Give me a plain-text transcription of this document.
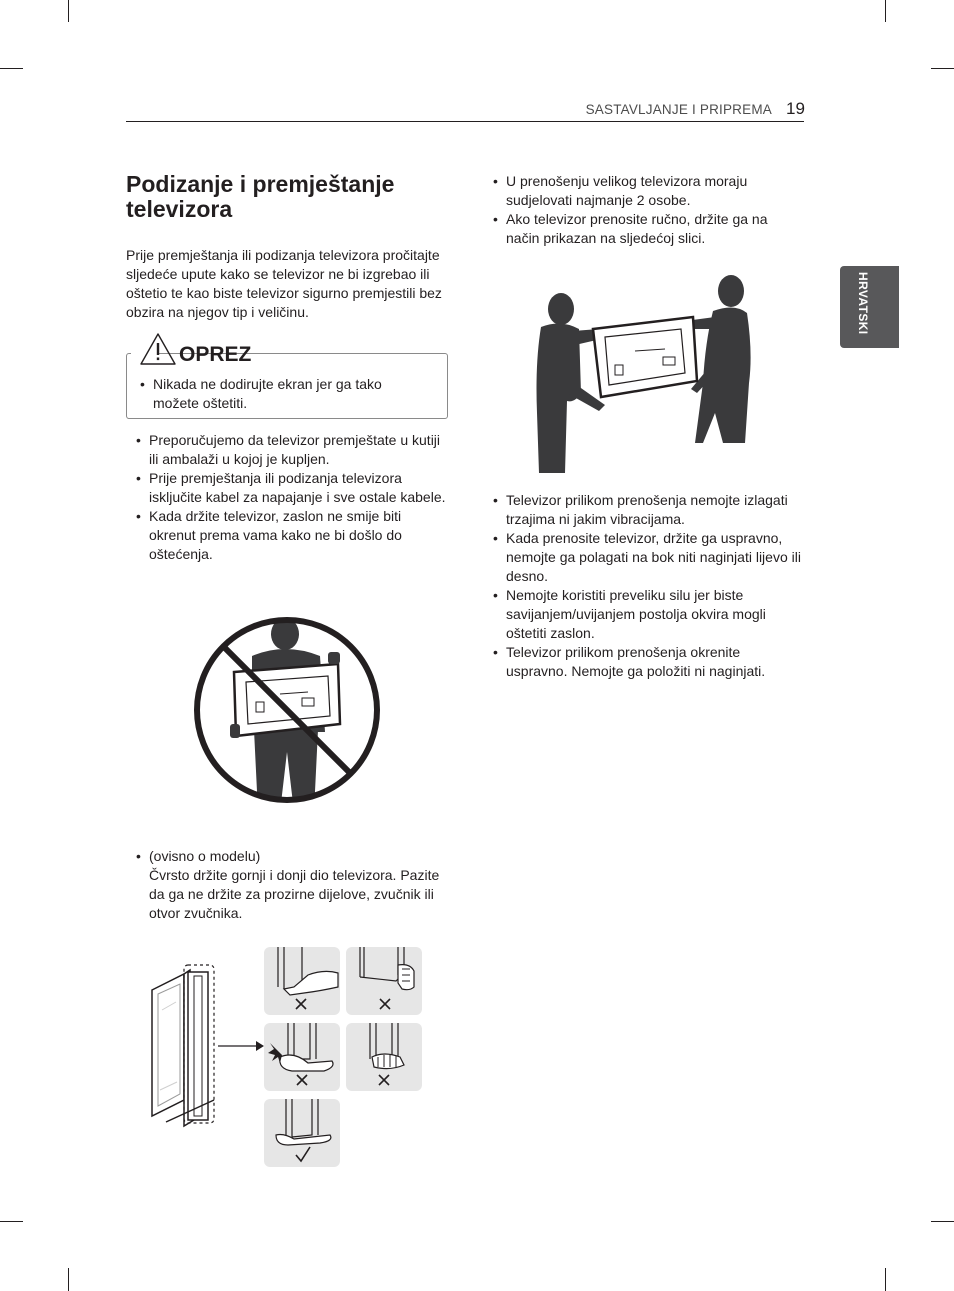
SASTAVLJANJE I PRIPREMA 19
HRVATSKI
Podizanje i premještanje televizora

Prije premještanja ili podizanja televizora pročitajte sljedeće upute kako se televizor ne bi izgrebao ili oštetio te kao biste televizor sigurno premjestili bez obzira na njegov tip i veličinu.

• Nikada ne dodirujte ekran jer ga tako možete oštetiti.
OPREZ
• Preporučujemo da televizor premještate u kutiji ili ambalaži u kojoj je kupljen.
• Prije premještanja ili podizanja televizora isključite kabel za napajanje i sve ostale kabele.
• Kada držite televizor, zaslon ne smije biti okrenut prema vama kako ne bi došlo do oštećenja.
• (ovisno o modelu)
Čvrsto držite gornji i donji dio televizora. Pazite da ga ne držite za prozirne dijelove, zvučnik ili otvor zvučnika.
• U prenošenju velikog televizora moraju sudjelovati najmanje 2 osobe.
• Ako televizor prenosite ručno, držite ga na način prikazan na sljedećoj slici.
• Televizor prilikom prenošenja nemojte izlagati trzajima ni jakim vibracijama.
• Kada prenosite televizor, držite ga uspravno, nemojte ga polagati na bok niti naginjati lijevo ili desno.
• Nemojte koristiti preveliku silu jer biste savijanjem/uvijanjem postolja okvira mogli oštetiti zaslon.
• Televizor prilikom prenošenja okrenite uspravno. Nemojte ga položiti ni naginjati.
